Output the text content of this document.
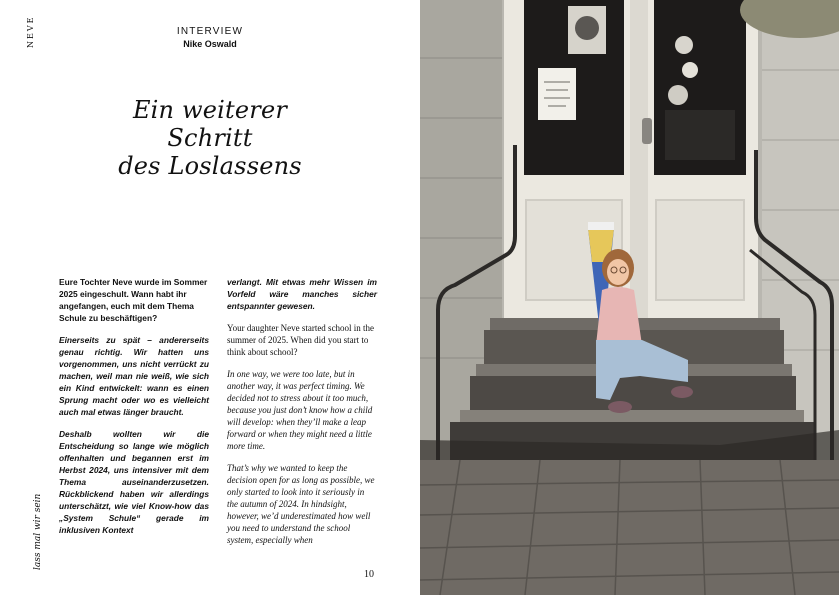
NEVE
lass mal wir sein
INTERVIEW
Nike Oswald
Ein weiterer
Schritt
des Loslassens

Eure Tochter Neve wurde im Sommer 2025 eingeschult. Wann habt ihr angefangen, euch mit dem Thema Schule zu beschäftigen?

Einerseits zu spät – andererseits genau richtig. Wir hatten uns vorgenommen, uns nicht verrückt zu machen, weil man nie weiß, wie sich ein Kind entwickelt: wann es einen Sprung macht oder wo es vielleicht auch mal etwas länger braucht.

Deshalb wollten wir die Entscheidung so lange wie möglich offenhalten und begannen erst im Herbst 2024, uns intensiver mit dem Thema auseinanderzusetzen. Rückblickend haben wir allerdings unterschätzt, wie viel Know-how das „System Schule“ gerade im inklusiven Kontext

verlangt. Mit etwas mehr Wissen im Vorfeld wäre manches sicher entspannter gewesen.

Your daughter Neve started school in the summer of 2025. When did you start to think about school?

In one way, we were too late, but in another way, it was perfect timing. We decided not to stress about it too much, because you just don’t know how a child will develop: when they’ll make a leap forward or when they might need a little more time.

That’s why we wanted to keep the decision open for as long as possible, we only started to look into it seriously in the autumn of 2024. In hindsight, however, we’d underestimated how well you need to understand the school system, especially when

10
